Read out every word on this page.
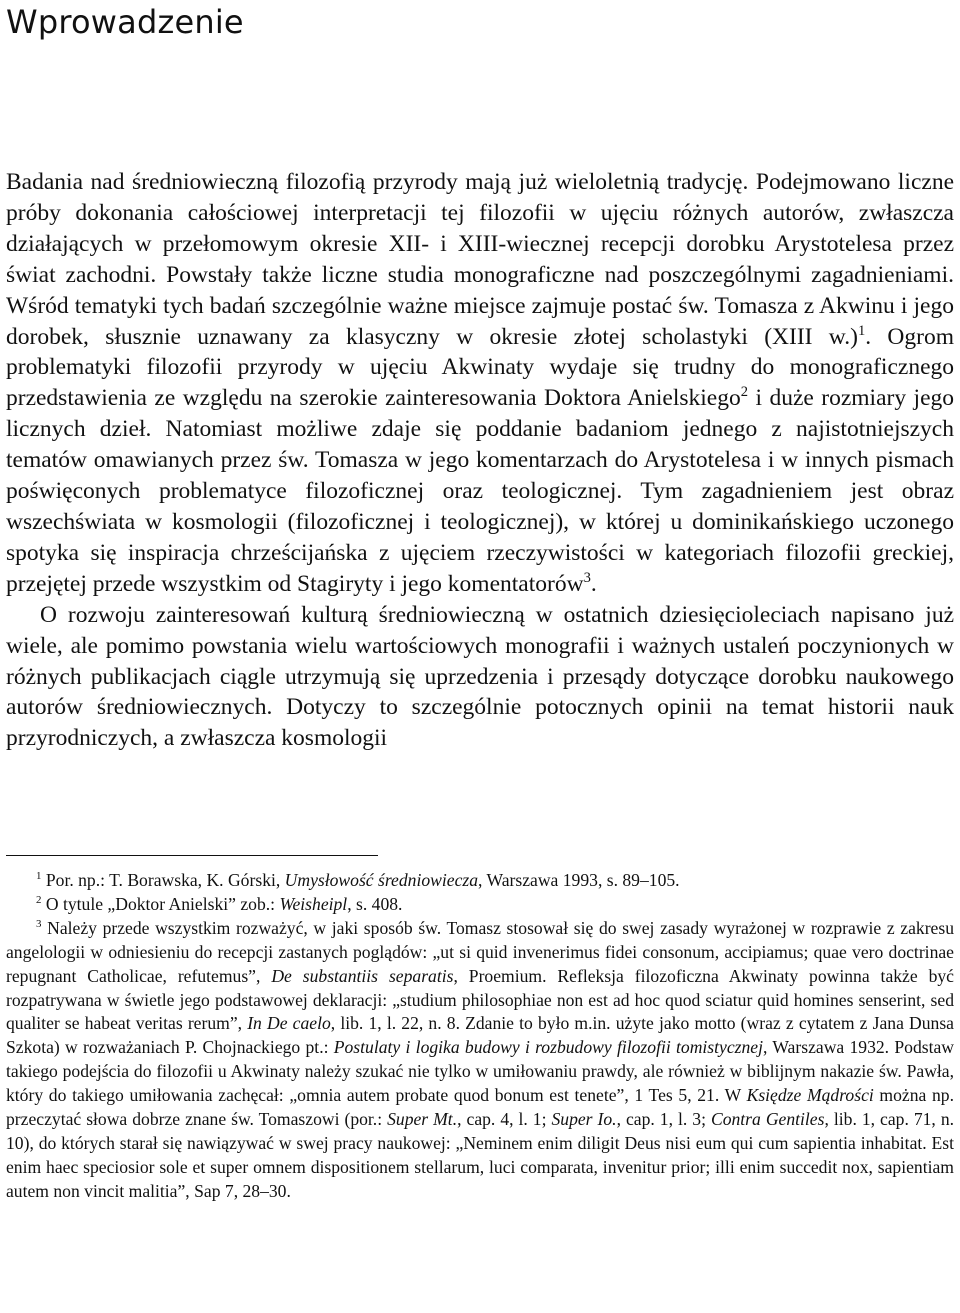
Wprowadzenie

Badania nad średniowieczną filozofią przyrody mają już wieloletnią tradycję. Podejmowano liczne próby dokonania całościowej interpretacji tej filozofii w ujęciu różnych autorów, zwłaszcza działających w przełomowym okresie XII- i XIII-wiecznej recepcji dorobku Arystotelesa przez świat zachodni. Powstały także liczne studia monograficzne nad poszczególnymi zagadnieniami. Wśród tematyki tych badań szczególnie ważne miejsce zajmuje postać św. Tomasza z Akwinu i jego dorobek, słusznie uznawany za klasyczny w okresie złotej scholastyki (XIII w.)$^1$. Ogrom problematyki filozofii przyrody w ujęciu Akwinaty wydaje się trudny do monograficznego przedstawienia ze względu na szerokie zainteresowania Doktora Anielskiego$^2$ i duże rozmiary jego licznych dzieł. Natomiast możliwe zdaje się poddanie badaniom jednego z najistotniejszych tematów omawianych przez św. Tomasza w jego komentarzach do Arystotelesa i w innych pismach poświęconych problematyce filozoficznej oraz teologicznej. Tym zagadnieniem jest obraz wszechświata w kosmologii (filozoficznej i teologicznej), w której u dominikańskiego uczonego spotyka się inspiracja chrześcijańska z ujęciem rzeczywistości w kategoriach filozofii greckiej, przejętej przede wszystkim od Stagiryty i jego komentatorów$^3$.

O rozwoju zainteresowań kulturą średniowieczną w ostatnich dziesięcioleciach napisano już wiele, ale pomimo powstania wielu wartościowych monografii i ważnych ustaleń poczynionych w różnych publikacjach ciągle utrzymują się uprzedzenia i przesądy dotyczące dorobku naukowego autorów średniowiecznych. Dotyczy to szczególnie potocznych opinii na temat historii nauk przyrodniczych, a zwłaszcza kosmologii

$^1$ Por. np.: T. Borawska, K. Górski, Umysłowość średniowiecza, Warszawa 1993, s. 89–105.

$^2$ O tytule „Doktor Anielski” zob.: Weisheipl, s. 408.

$^3$ Należy przede wszystkim rozważyć, w jaki sposób św. Tomasz stosował się do swej zasady wyrażonej w rozprawie z zakresu angelologii w odniesieniu do recepcji zastanych poglądów: „ut si quid invenerimus fidei consonum, accipiamus; quae vero doctrinae repugnant Catholicae, refutemus”, De substantiis separatis, Proemium. Refleksja filozoficzna Akwinaty powinna także być rozpatrywana w świetle jego podstawowej deklaracji: „studium philosophiae non est ad hoc quod sciatur quid homines senserint, sed qualiter se habeat veritas rerum”, In De caelo, lib. 1, l. 22, n. 8. Zdanie to było m.in. użyte jako motto (wraz z cytatem z Jana Dunsa Szkota) w rozważaniach P. Chojnackiego pt.: Postulaty i logika budowy i rozbudowy filozofii tomistycznej, Warszawa 1932. Podstaw takiego podejścia do filozofii u Akwinaty należy szukać nie tylko w umiłowaniu prawdy, ale również w biblijnym nakazie św. Pawła, który do takiego umiłowania zachęcał: „omnia autem probate quod bonum est tenete”, 1 Tes 5, 21. W Księdze Mądrości można np. przeczytać słowa dobrze znane św. Tomaszowi (por.: Super Mt., cap. 4, l. 1; Super Io., cap. 1, l. 3; Contra Gentiles, lib. 1, cap. 71, n. 10), do których starał się nawiązywać w swej pracy naukowej: „Neminem enim diligit Deus nisi eum qui cum sapientia inhabitat. Est enim haec speciosior sole et super omnem dispositionem stellarum, luci comparata, invenitur prior; illi enim succedit nox, sapientiam autem non vincit malitia”, Sap 7, 28–30.
